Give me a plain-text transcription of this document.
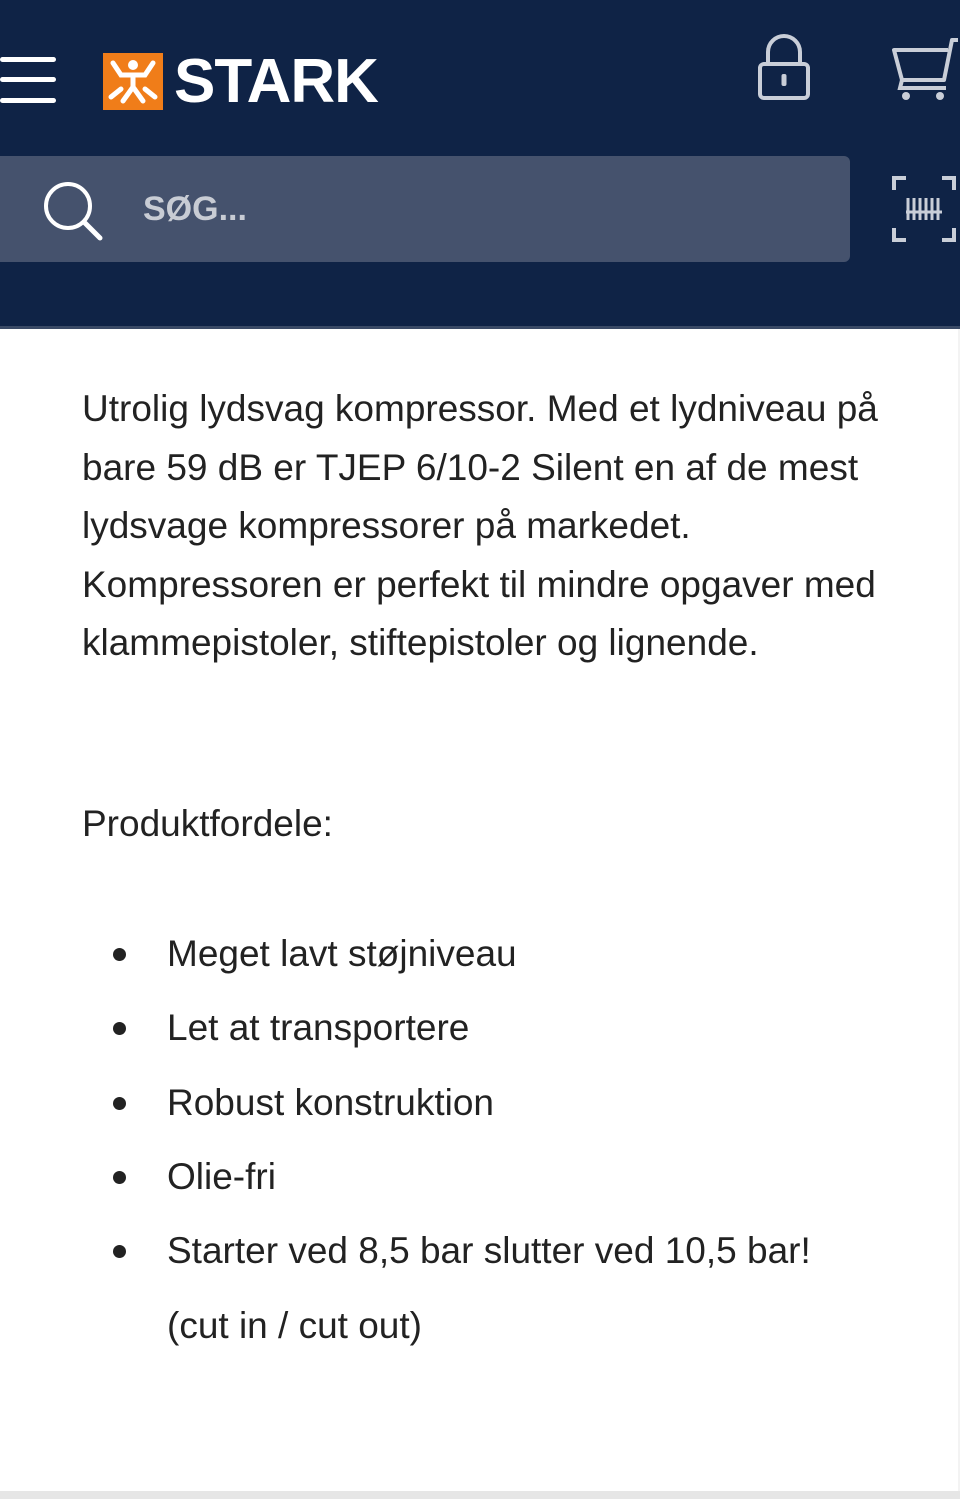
STARK
SØG...

Utrolig lydsvag kompressor. Med et lydniveau på bare 59 dB er TJEP 6/10-2 Silent en af de mest lydsvage kompressorer på markedet. Kompressoren er perfekt til mindre opgaver med klammepistoler, stiftepistoler og lignende.

Produktfordele:

Meget lavt støjniveau
Let at transportere
Robust konstruktion
Olie-fri
Starter ved 8,5 bar slutter ved 10,5 bar!
(cut in / cut out)
